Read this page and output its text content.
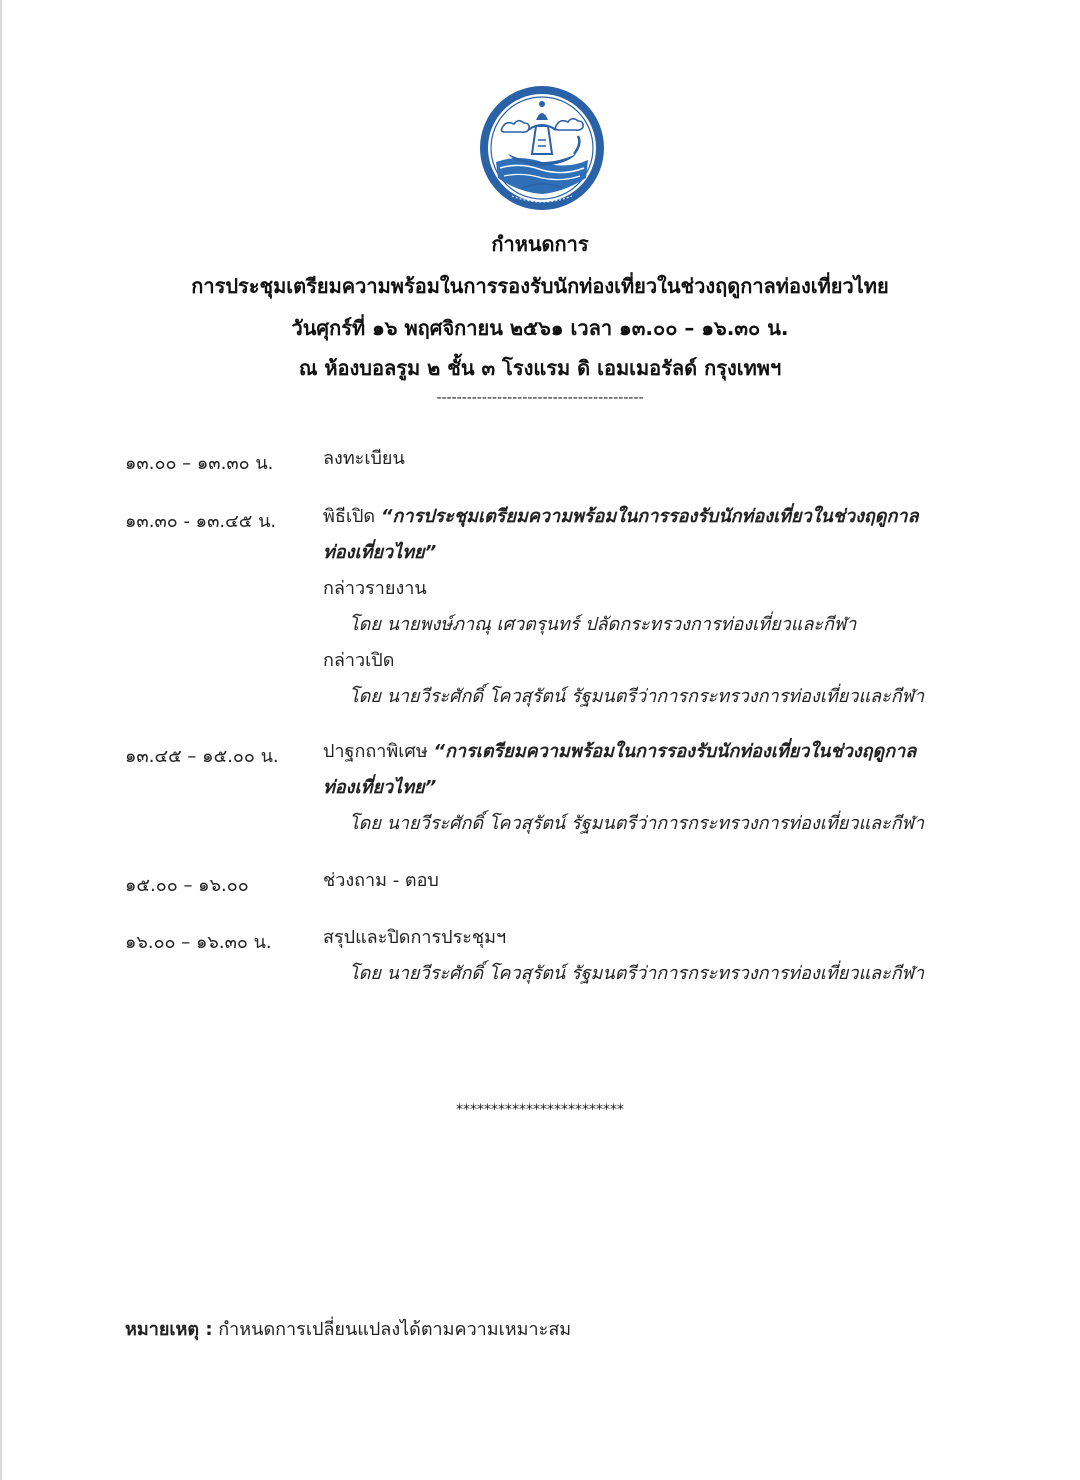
กำหนดการ
การประชุมเตรียมความพร้อมในการรองรับนักท่องเที่ยวในช่วงฤดูกาลท่องเที่ยวไทย
วันศุกร์ที่ ๑๖ พฤศจิกายน ๒๕๖๑ เวลา ๑๓.๐๐ – ๑๖.๓๐ น.
ณ ห้องบอลรูม ๒ ชั้น ๓ โรงแรม ดิ เอมเมอรัลด์ กรุงเทพฯ
-----------------------------------------
๑๓.๐๐ – ๑๓.๓๐ น.	ลงทะเบียน
๑๓.๓๐ - ๑๓.๔๕ น.	พิธีเปิด “การประชุมเตรียมความพร้อมในการรองรับนักท่องเที่ยวในช่วงฤดูกาล
ท่องเที่ยวไทย”
กล่าวรายงาน
โดย นายพงษ์ภาณุ เศวตรุนทร์ ปลัดกระทรวงการท่องเที่ยวและกีฬา
กล่าวเปิด
โดย นายวีระศักดิ์ โควสุรัตน์ รัฐมนตรีว่าการกระทรวงการท่องเที่ยวและกีฬา
๑๓.๔๕ – ๑๕.๐๐ น.	ปาฐกถาพิเศษ “การเตรียมความพร้อมในการรองรับนักท่องเที่ยวในช่วงฤดูกาล
ท่องเที่ยวไทย”
โดย นายวีระศักดิ์ โควสุรัตน์ รัฐมนตรีว่าการกระทรวงการท่องเที่ยวและกีฬา
๑๕.๐๐ – ๑๖.๐๐	ช่วงถาม - ตอบ
๑๖.๐๐ – ๑๖.๓๐ น.	สรุปและปิดการประชุมฯ
โดย นายวีระศักดิ์ โควสุรัตน์ รัฐมนตรีว่าการกระทรวงการท่องเที่ยวและกีฬา
************************
หมายเหตุ : กำหนดการเปลี่ยนแปลงได้ตามความเหมาะสม
